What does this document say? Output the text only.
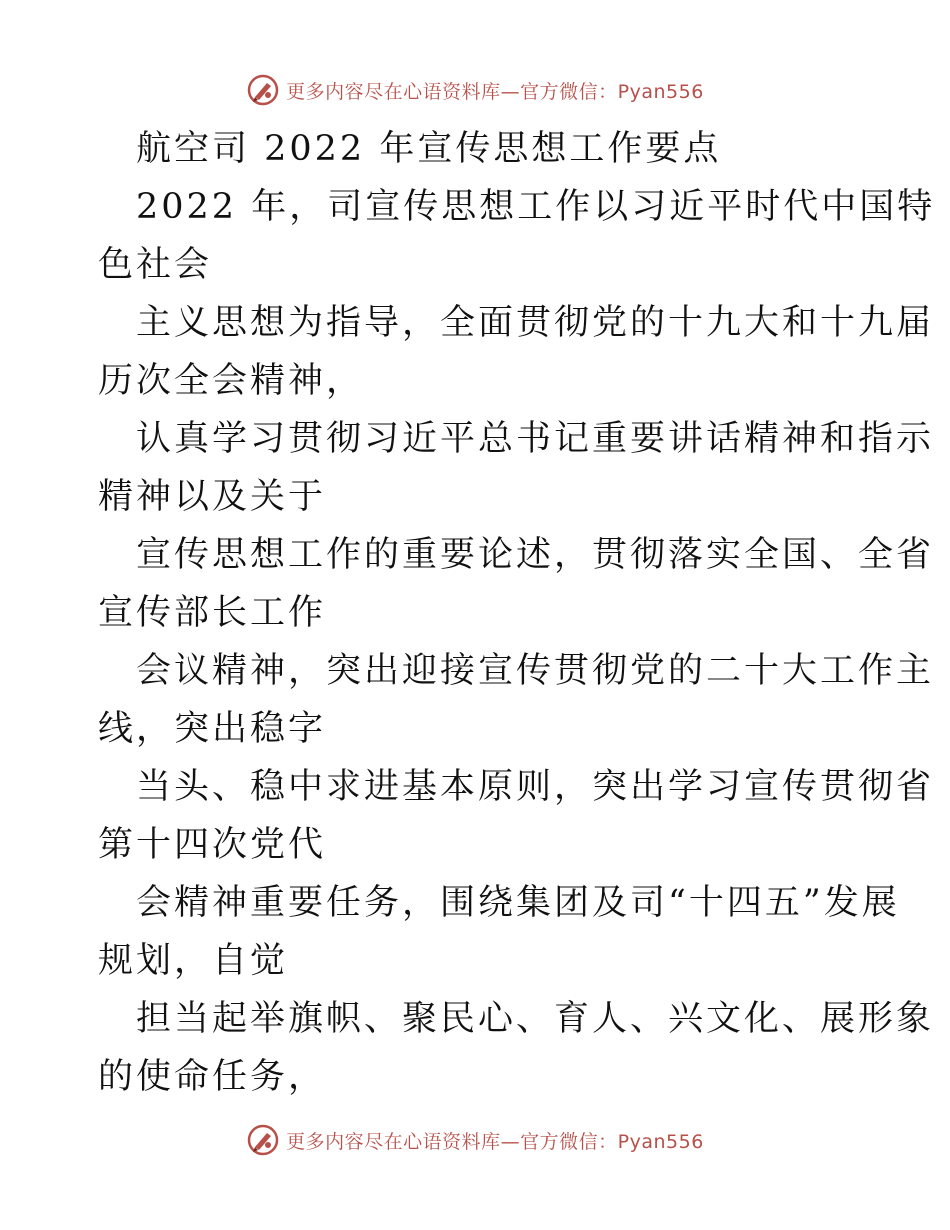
更多内容尽在心语资料库—官方微信：Pyan556
航空司 2022 年宣传思想工作要点
2022 年，司宣传思想工作以习近平时代中国特
色社会
主义思想为指导，全面贯彻党的十九大和十九届
历次全会精神，
认真学习贯彻习近平总书记重要讲话精神和指示
精神以及关于
宣传思想工作的重要论述，贯彻落实全国、全省
宣传部长工作
会议精神，突出迎接宣传贯彻党的二十大工作主
线，突出稳字
当头、稳中求进基本原则，突出学习宣传贯彻省
第十四次党代
会精神重要任务，围绕集团及司“十四五”发展
规划，自觉
担当起举旗帜、聚民心、育人、兴文化、展形象
的使命任务，
更多内容尽在心语资料库—官方微信：Pyan556
